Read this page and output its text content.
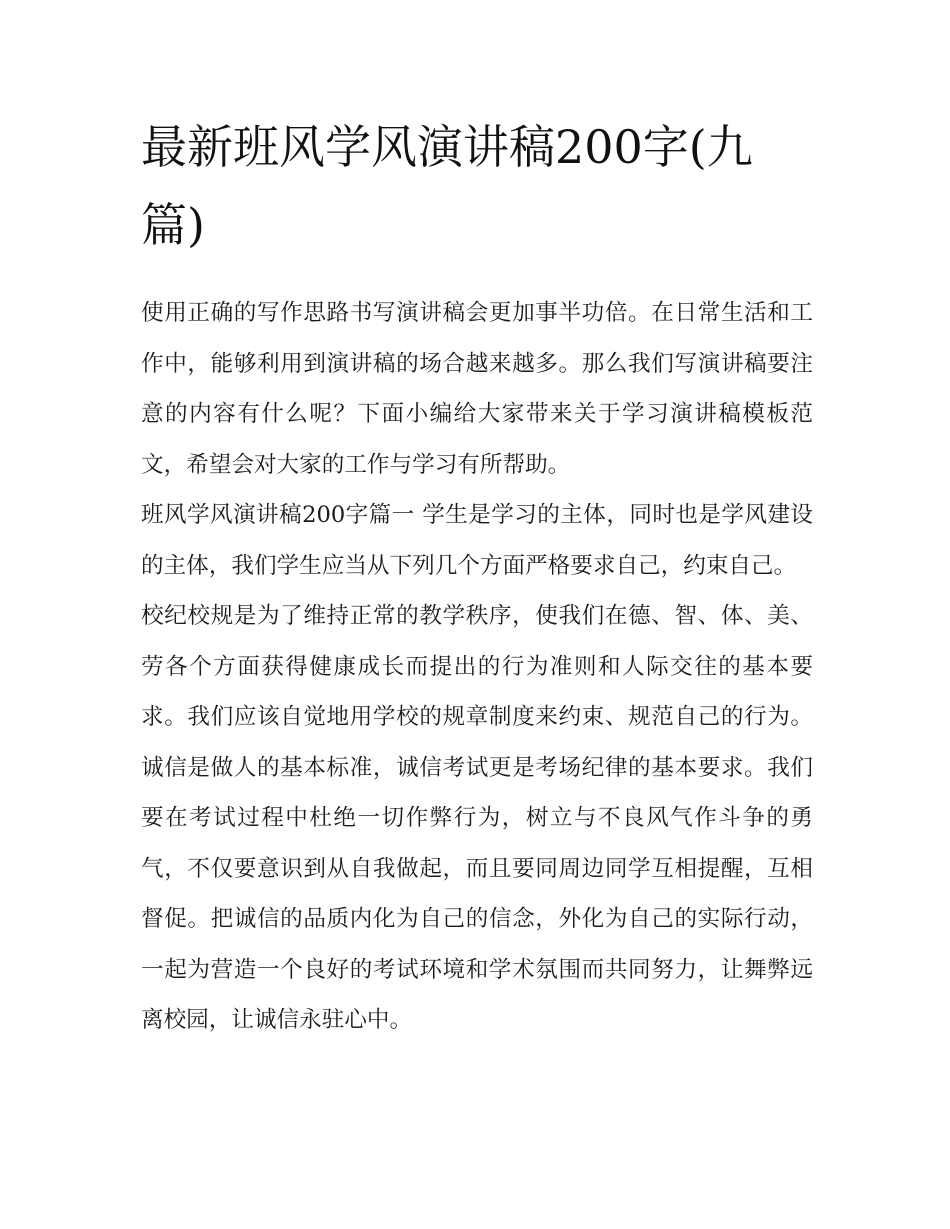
最新班风学风演讲稿200字(九篇)

使用正确的写作思路书写演讲稿会更加事半功倍。在日常生活和工作中，能够利用到演讲稿的场合越来越多。那么我们写演讲稿要注意的内容有什么呢？下面小编给大家带来关于学习演讲稿模板范文，希望会对大家的工作与学习有所帮助。

班风学风演讲稿200字篇一 学生是学习的主体，同时也是学风建设的主体，我们学生应当从下列几个方面严格要求自己，约束自己。

校纪校规是为了维持正常的教学秩序，使我们在德、智、体、美、劳各个方面获得健康成长而提出的行为准则和人际交往的基本要求。我们应该自觉地用学校的规章制度来约束、规范自己的行为。诚信是做人的基本标准，诚信考试更是考场纪律的基本要求。我们要在考试过程中杜绝一切作弊行为，树立与不良风气作斗争的勇气，不仅要意识到从自我做起，而且要同周边同学互相提醒，互相督促。把诚信的品质内化为自己的信念，外化为自己的实际行动，一起为营造一个良好的考试环境和学术氛围而共同努力，让舞弊远离校园，让诚信永驻心中。
